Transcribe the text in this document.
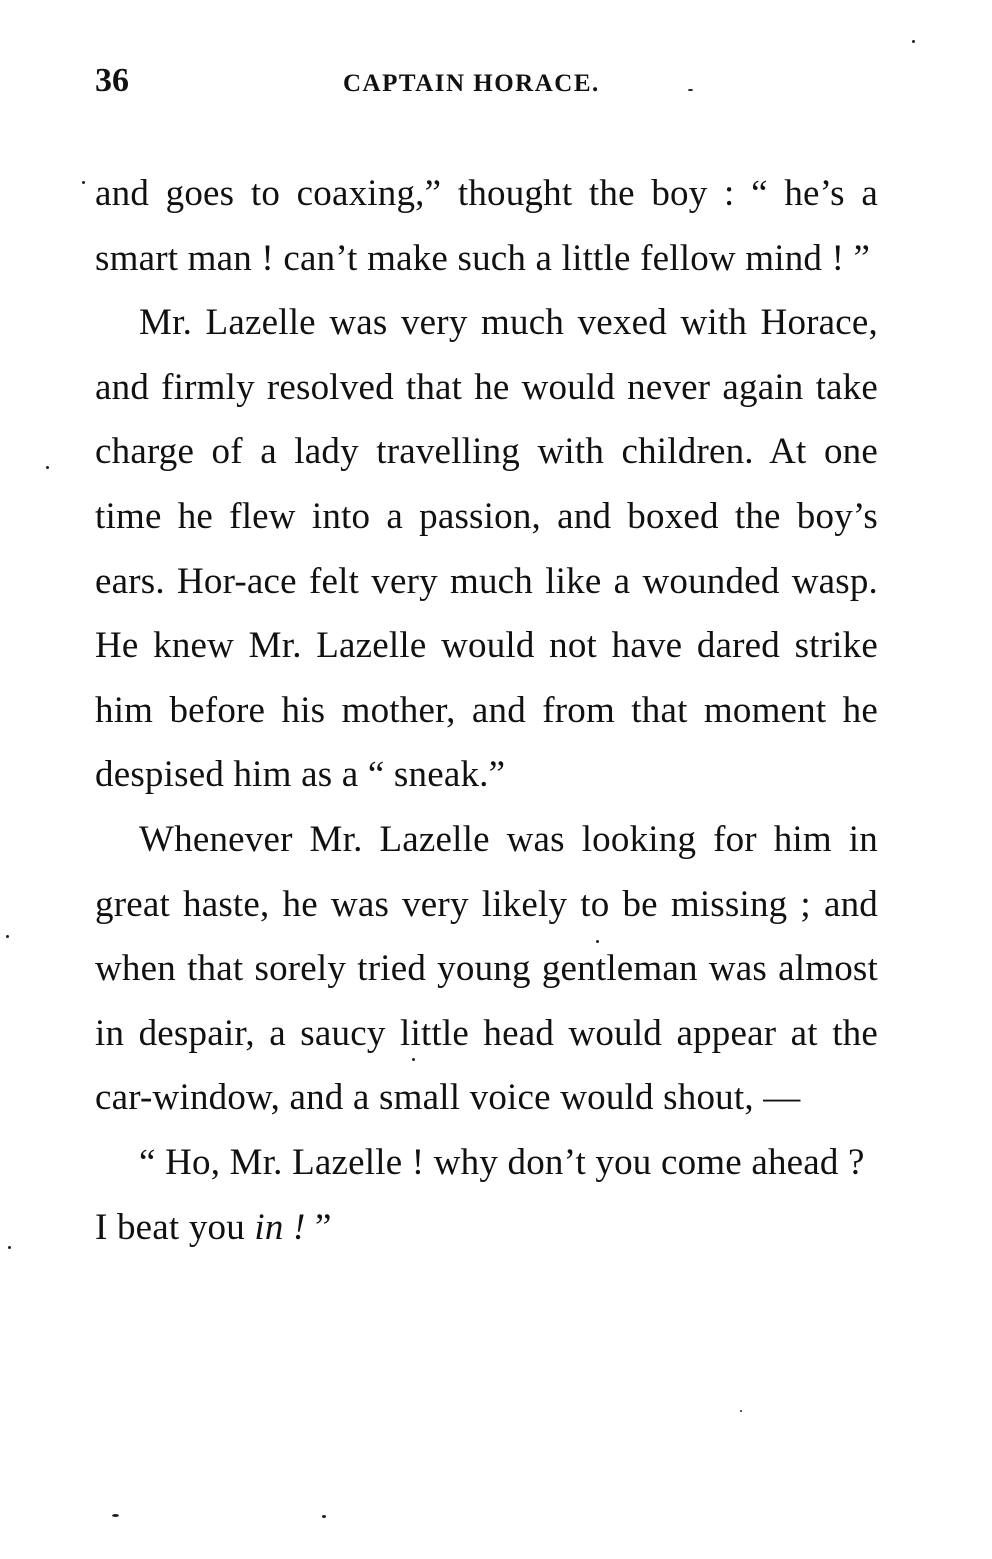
36	CAPTAIN HORACE.

and goes to coaxing,” thought the boy : “ he’s a smart man ! can’t make such a little fellow mind ! ”

Mr. Lazelle was very much vexed with Horace, and firmly resolved that he would never again take charge of a lady travelling with children. At one time he flew into a passion, and boxed the boy’s ears. Hor-ace felt very much like a wounded wasp. He knew Mr. Lazelle would not have dared strike him before his mother, and from that moment he despised him as a “ sneak.”

Whenever Mr. Lazelle was looking for him in great haste, he was very likely to be missing ; and when that sorely tried young gentleman was almost in despair, a saucy little head would appear at the car-window, and a small voice would shout, —

“ Ho, Mr. Lazelle ! why don’t you come ahead ? I beat you in ! ”
